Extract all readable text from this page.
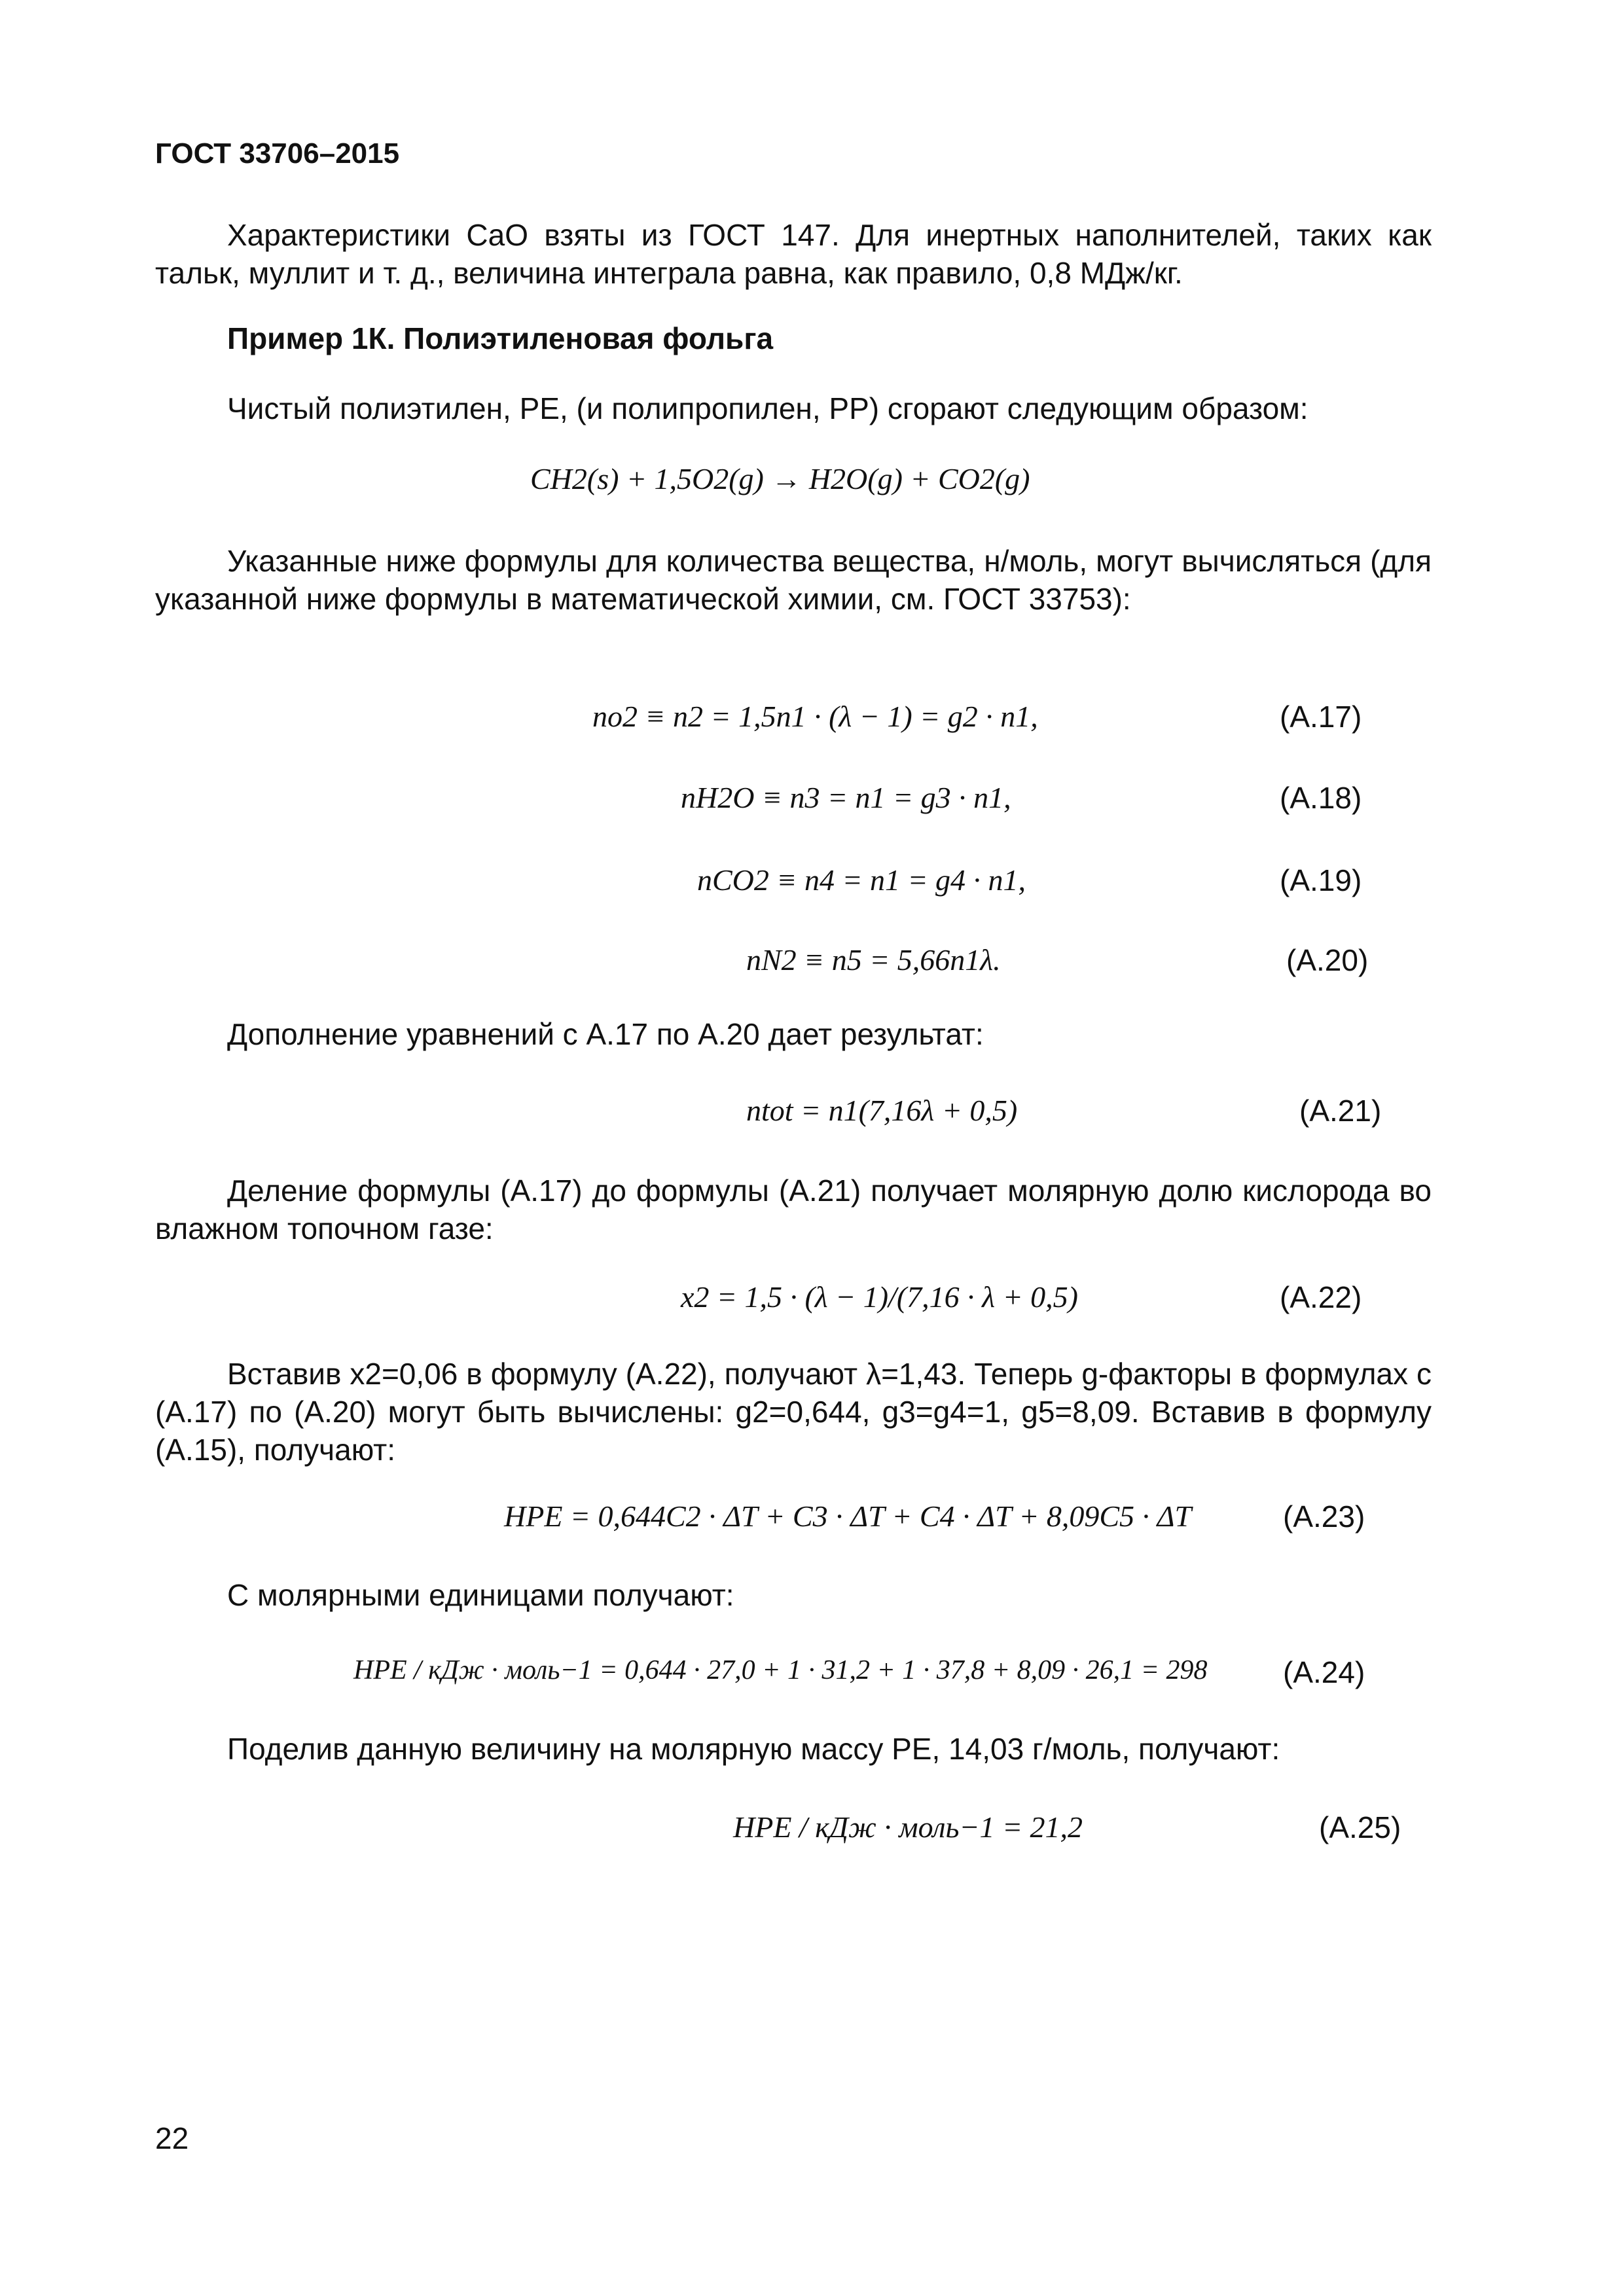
ГОСТ 33706–2015
Характеристики CaO взяты из ГОСТ 147. Для инертных наполнителей, таких как тальк, муллит и т. д., величина интеграла равна, как правило, 0,8 МДж/кг.
Пример 1К. Полиэтиленовая фольга
Чистый полиэтилен, PE, (и полипропилен, PP) сгорают следующим образом:
CH2(s) + 1,5O2(g) → H2O(g) + CO2(g)
Указанные ниже формулы для количества вещества, н/моль, могут вычисляться (для указанной ниже формулы в математической химии, см. ГОСТ 33753):
no2 ≡ n2 = 1,5n1 · (λ − 1) = g2 · n1,	(А.17)
nH2O ≡ n3 = n1 = g3 · n1,	(А.18)
nCO2 ≡ n4 = n1 = g4 · n1,	(А.19)
nN2 ≡ n5 = 5,66n1λ.	(А.20)
Дополнение уравнений с А.17 по А.20 дает результат:
ntot = n1(7,16λ + 0,5)	(А.21)
Деление формулы (А.17) до формулы (А.21) получает молярную долю кислорода во влажном топочном газе:
x2 = 1,5 · (λ − 1)/(7,16 · λ + 0,5)	(А.22)
Вставив x2=0,06 в формулу (А.22), получают λ=1,43. Теперь g-факторы в формулах с (А.17) по (А.20) могут быть вычислены: g2=0,644, g3=g4=1, g5=8,09. Вставив в формулу (А.15), получают:
HPE = 0,644C2 · ΔT + C3 · ΔT + C4 · ΔT + 8,09C5 · ΔT	(А.23)
С молярными единицами получают:
HPE / кДж · моль−1 = 0,644 · 27,0 + 1 · 31,2 + 1 · 37,8 + 8,09 · 26,1 = 298	(А.24)
Поделив данную величину на молярную массу PE, 14,03 г/моль, получают:
HPE / кДж · моль−1 = 21,2	(А.25)
22
